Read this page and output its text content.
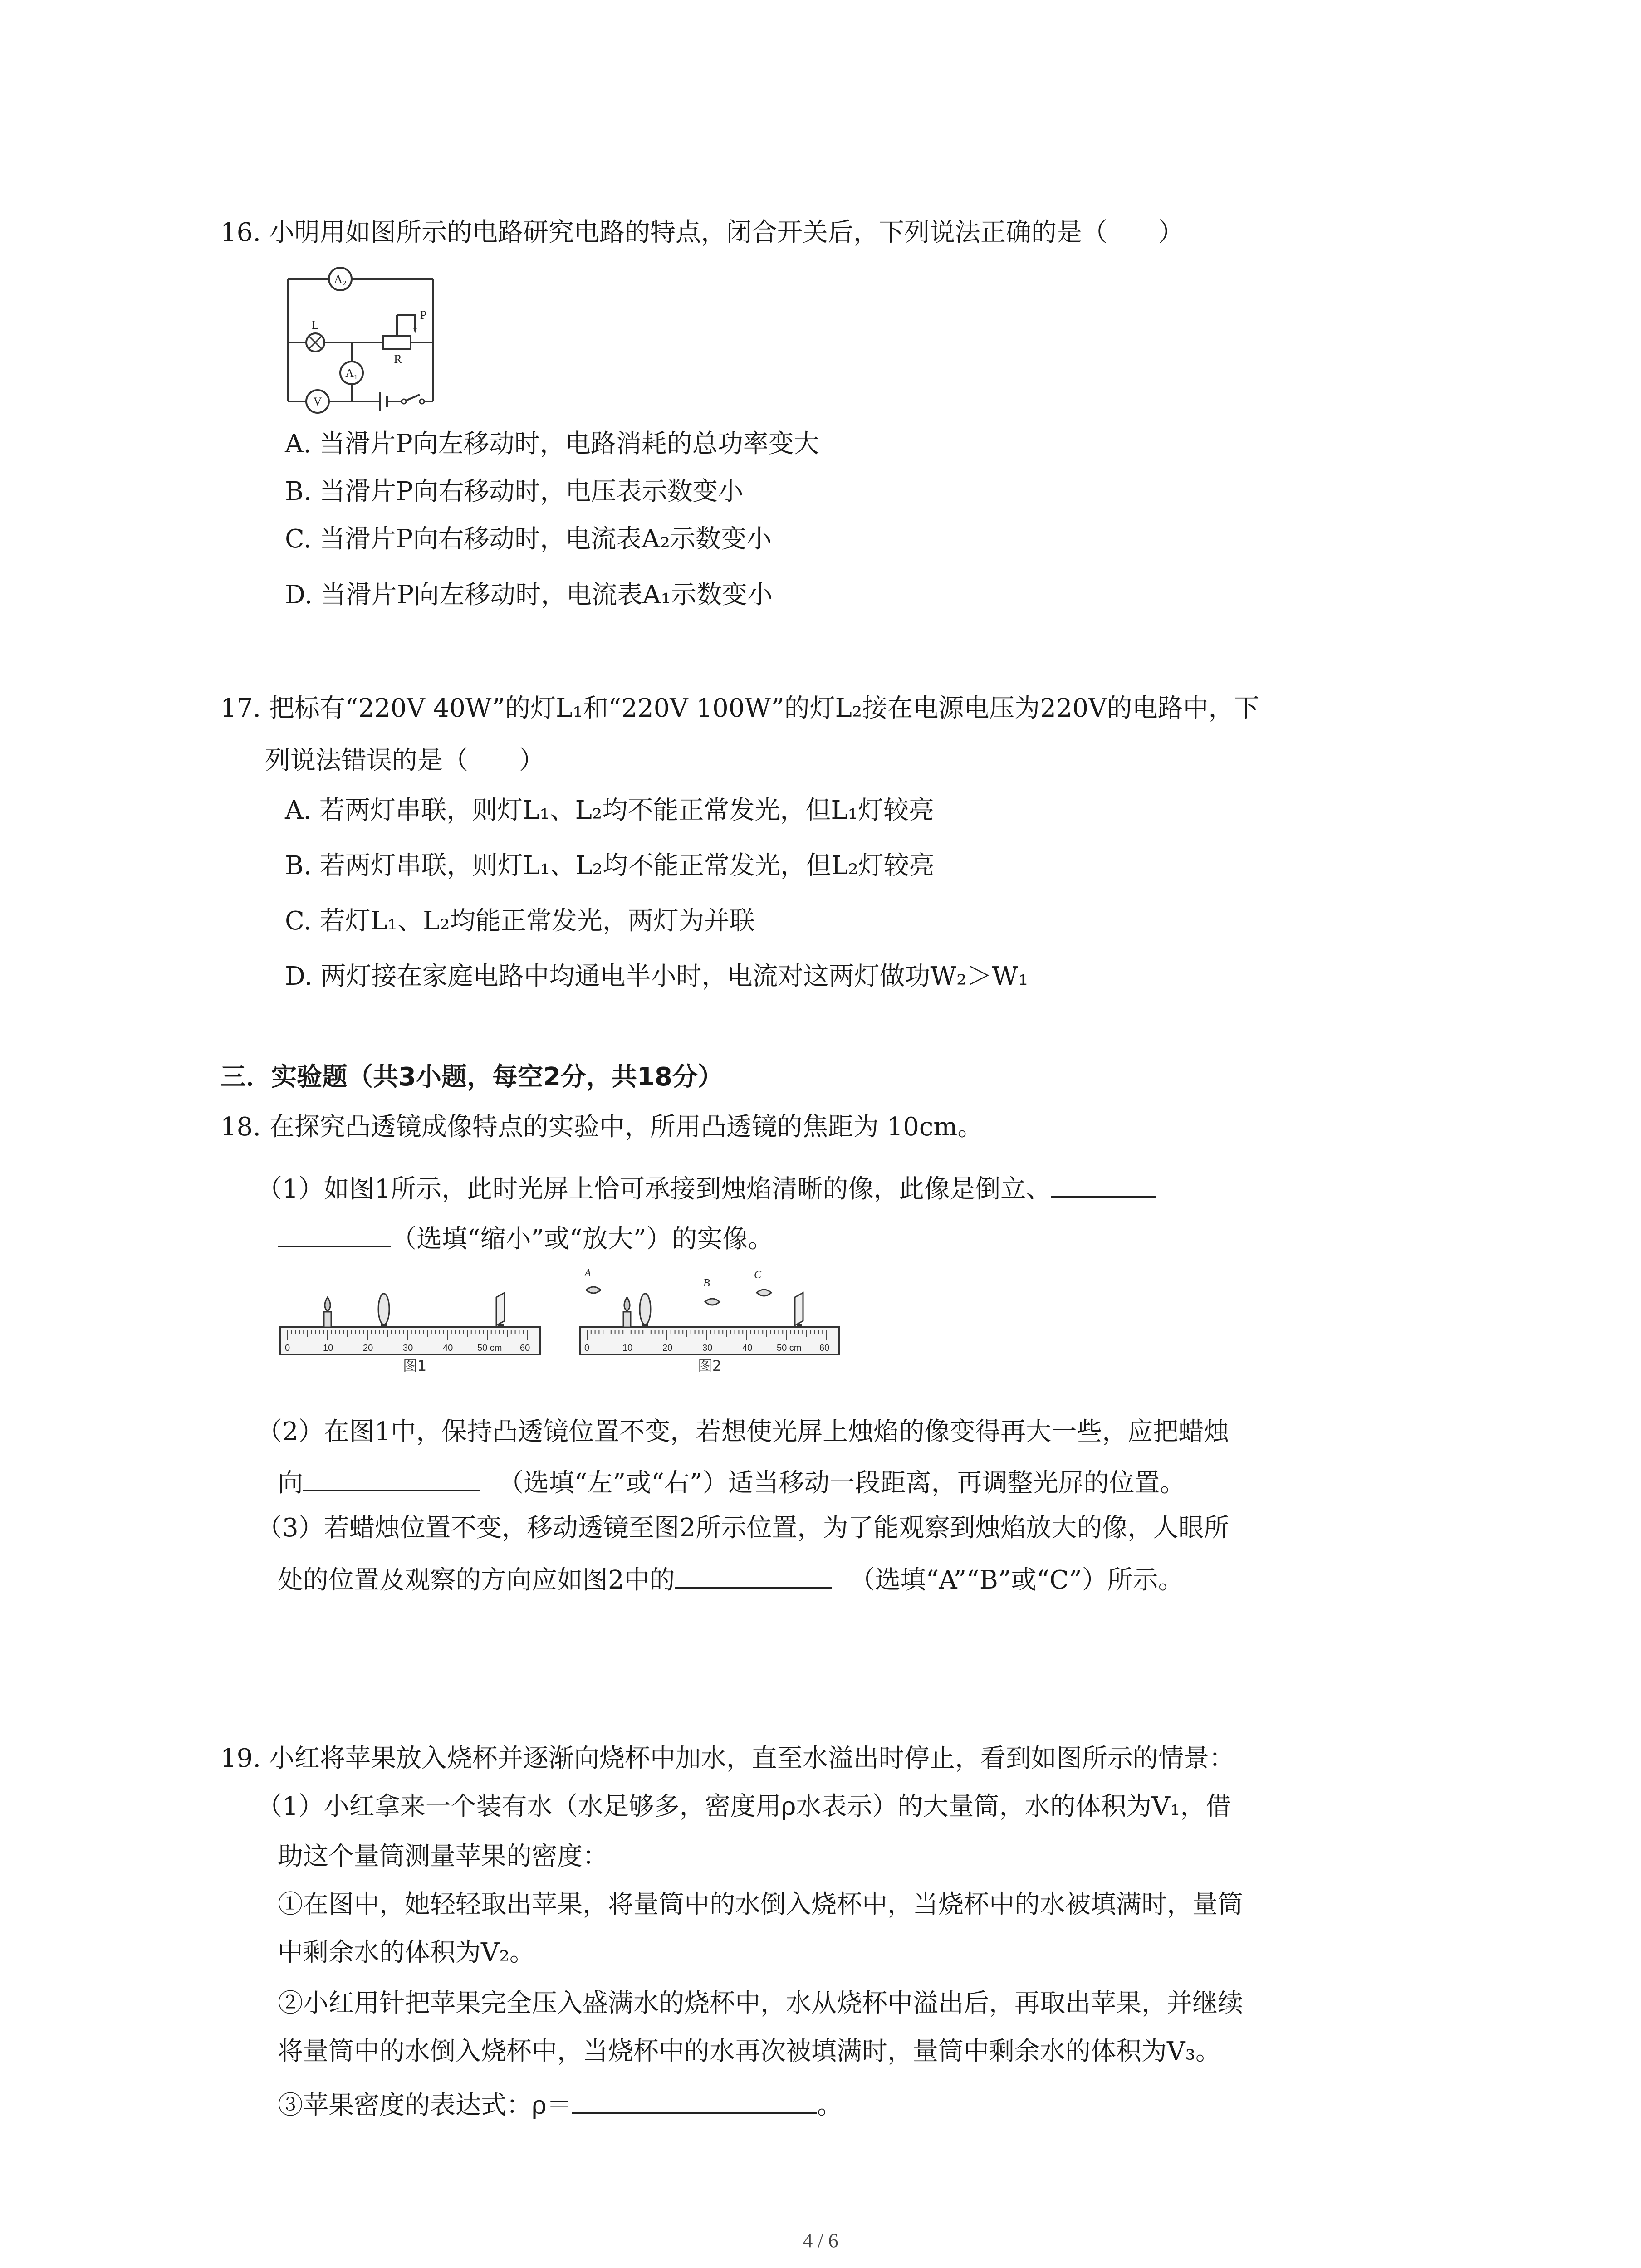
16. 小明用如图所示的电路研究电路的特点，闭合开关后，下列说法正确的是（　　）
A₂
A₁
V
L
P
R
A. 当滑片P向左移动时，电路消耗的总功率变大
B. 当滑片P向右移动时，电压表示数变小
C. 当滑片P向右移动时，电流表A₂示数变小
D. 当滑片P向左移动时，电流表A₁示数变小
17. 把标有“220V 40W”的灯L₁和“220V 100W”的灯L₂接在电源电压为220V的电路中，下
列说法错误的是（　　）
A. 若两灯串联，则灯L₁、L₂均不能正常发光，但L₁灯较亮
B. 若两灯串联，则灯L₁、L₂均不能正常发光，但L₂灯较亮
C. 若灯L₁、L₂均能正常发光，两灯为并联
D. 两灯接在家庭电路中均通电半小时，电流对这两灯做功W₂＞W₁
三．实验题（共3小题，每空2分，共18分）
18. 在探究凸透镜成像特点的实验中，所用凸透镜的焦距为 10cm。
（1）如图1所示，此时光屏上恰可承接到烛焰清晰的像，此像是倒立、
（选填“缩小”或“放大”）的实像。
0	10	20	30	40	50 cm 60
图1
0	10	20	30	40	50 cm 60
A
B
C
图2
（2）在图1中，保持凸透镜位置不变，若想使光屏上烛焰的像变得再大一些，应把蜡烛
向	（选填“左”或“右”）适当移动一段距离，再调整光屏的位置。
（3）若蜡烛位置不变，移动透镜至图2所示位置，为了能观察到烛焰放大的像，人眼所
处的位置及观察的方向应如图2中的	（选填“A”“B”或“C”）所示。
19. 小红将苹果放入烧杯并逐渐向烧杯中加水，直至水溢出时停止，看到如图所示的情景：
（1）小红拿来一个装有水（水足够多，密度用ρ水表示）的大量筒，水的体积为V₁，借
助这个量筒测量苹果的密度：
①在图中，她轻轻取出苹果，将量筒中的水倒入烧杯中，当烧杯中的水被填满时，量筒
中剩余水的体积为V₂。
②小红用针把苹果完全压入盛满水的烧杯中，水从烧杯中溢出后，再取出苹果，并继续
将量筒中的水倒入烧杯中，当烧杯中的水再次被填满时，量筒中剩余水的体积为V₃。
③苹果密度的表达式：ρ＝	。
4 / 6
